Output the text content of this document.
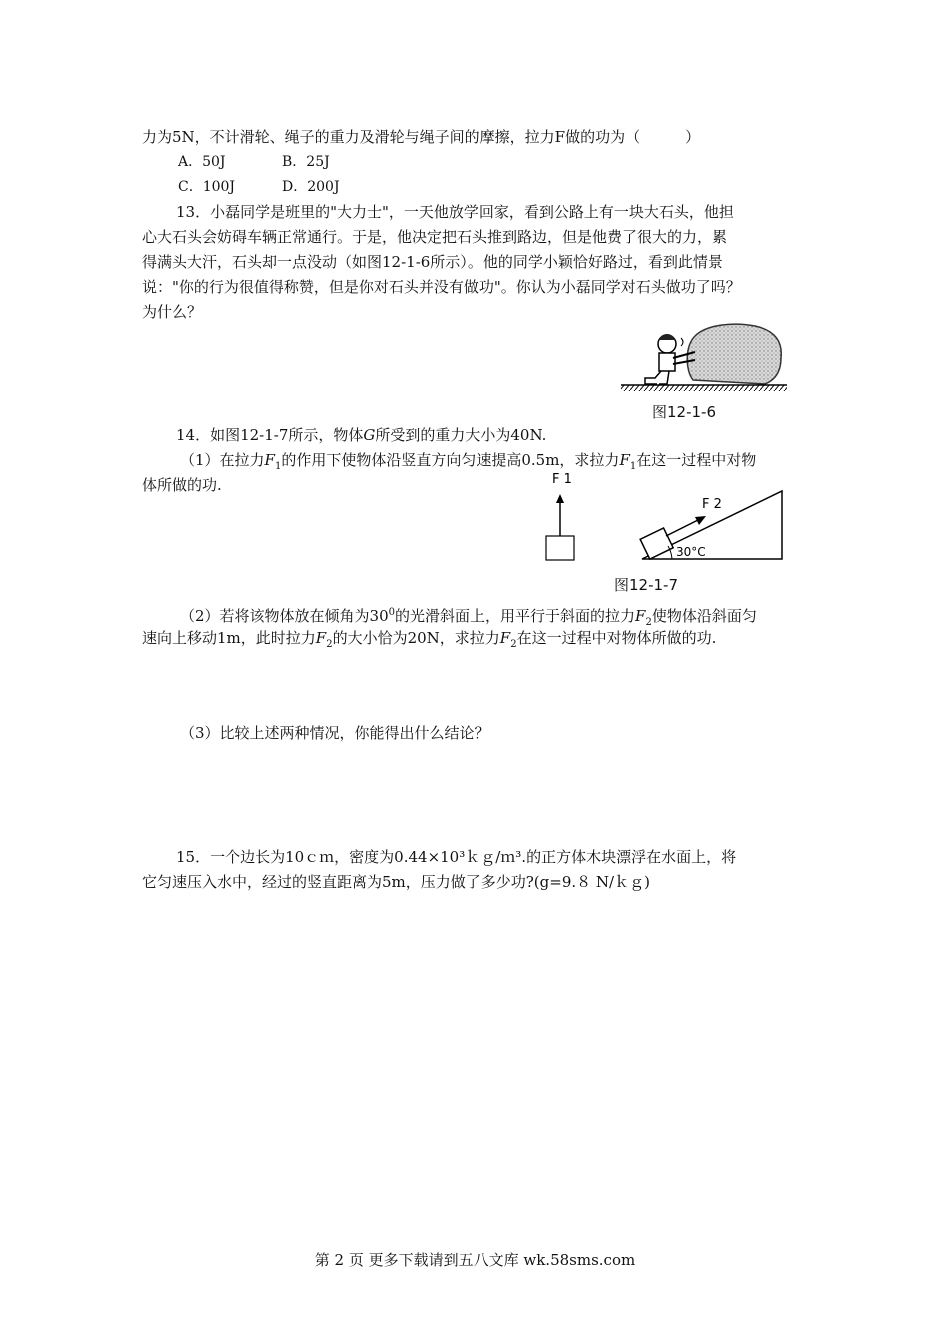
力为5N，不计滑轮、绳子的重力及滑轮与绳子间的摩擦，拉力F做的功为（　　　）
A．50J	B．25J
C．100J	D．200J
13．小磊同学是班里的"大力士"，一天他放学回家，看到公路上有一块大石头，他担
心大石头会妨碍车辆正常通行。于是，他决定把石头推到路边，但是他费了很大的力，累
得满头大汗，石头却一点没动（如图12-1-6所示）。他的同学小颖恰好路过，看到此情景
说："你的行为很值得称赞，但是你对石头并没有做功"。你认为小磊同学对石头做功了吗？
为什么？
图12-1-6
14．如图12-1-7所示，物体G所受到的重力大小为40N.
（1）在拉力$F_1$的作用下使物体沿竖直方向匀速提高0.5m，求拉力$F_1$在这一过程中对物
体所做的功.	F 1
F 2
30°C
图12-1-7
（2）若将该物体放在倾角为$30^0$的光滑斜面上，用平行于斜面的拉力$F_2$使物体沿斜面匀
速向上移动1m，此时拉力$F_2$的大小恰为20N，求拉力$F_2$在这一过程中对物体所做的功.
（3）比较上述两种情况，你能得出什么结论？
15．一个边长为10ｃｍ，密度为0.44×10³ｋｇ/ｍ³.的正方体木块漂浮在水面上，将
它匀速压入水中，经过的竖直距离为5m，压力做了多少功?(g=9.８ N/ｋｇ)
第 2 页 更多下载请到五八文库 wk.58sms.com
